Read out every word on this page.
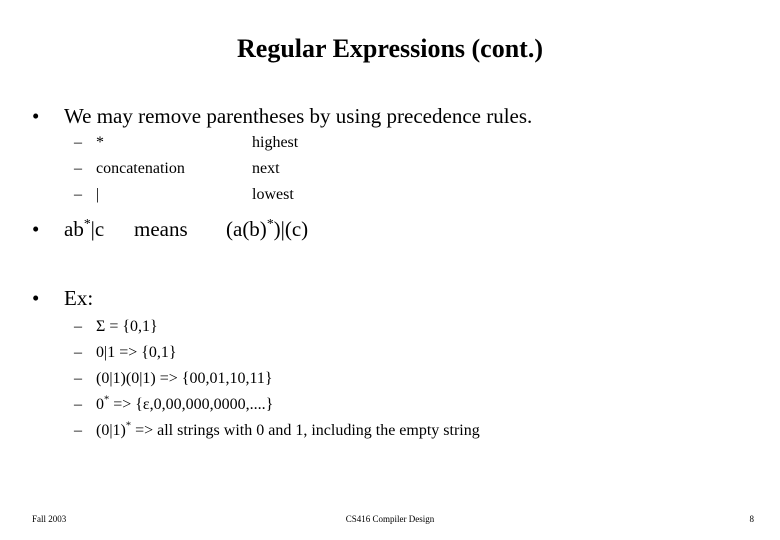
Regular Expressions (cont.)
• We may remove parentheses by using precedence rules.
– *	highest
– concatenation	next
– |	lowest
• ab*|c means (a(b)*)|(c)
• Ex:
– Σ = {0,1}
– 0|1 => {0,1}
– (0|1)(0|1) => {00,01,10,11}
– 0* => {ε,0,00,000,0000,....}
– (0|1)* => all strings with 0 and 1, including the empty string
Fall 2003	CS416 Compiler Design	8
